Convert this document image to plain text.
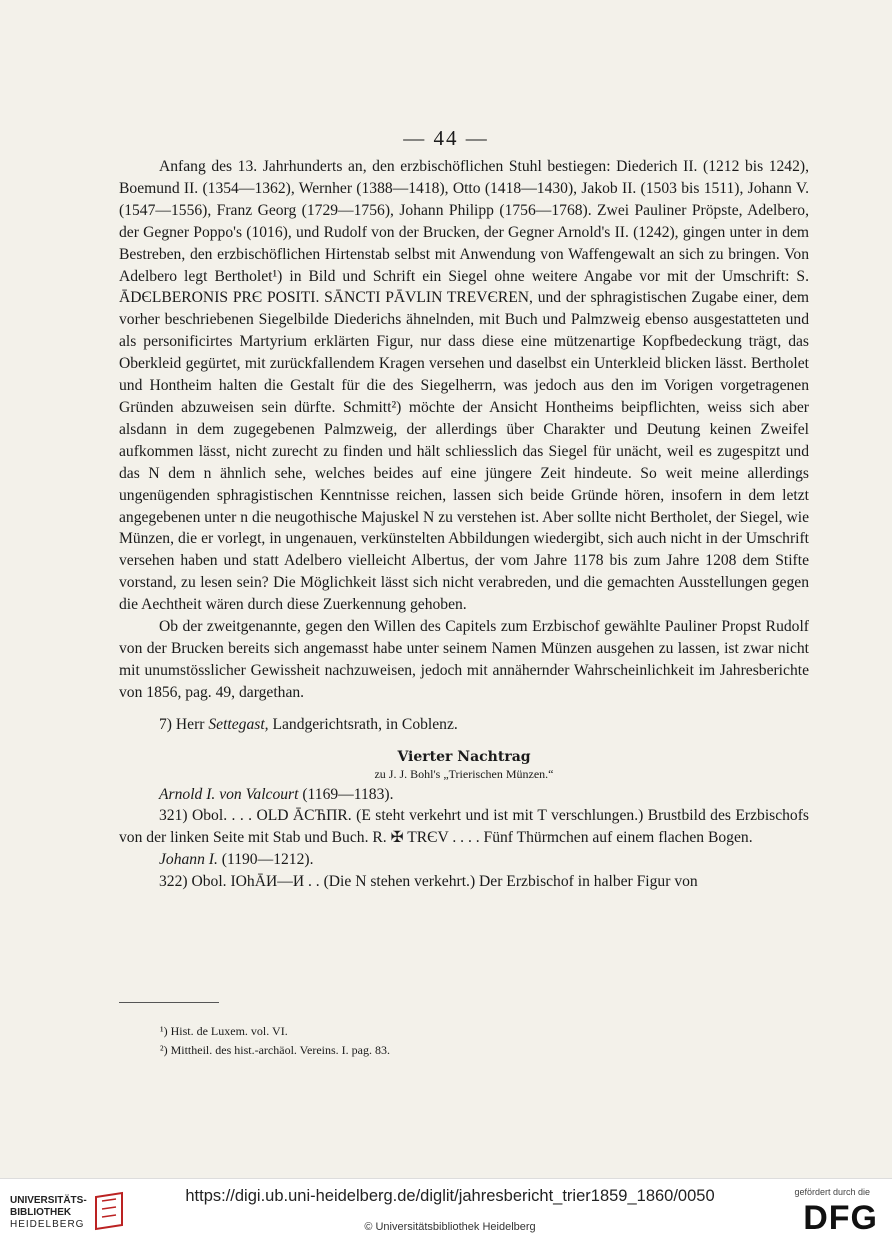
— 44 —

Anfang des 13. Jahrhunderts an, den erzbischöflichen Stuhl bestiegen: Diederich II. (1212 bis 1242), Boemund II. (1354—1362), Wernher (1388—1418), Otto (1418—1430), Jakob II. (1503 bis 1511), Johann V. (1547—1556), Franz Georg (1729—1756), Johann Philipp (1756—1768). Zwei Pauliner Pröpste, Adelbero, der Gegner Poppo's (1016), und Rudolf von der Brucken, der Gegner Arnold's II. (1242), gingen unter in dem Bestreben, den erzbischöflichen Hirtenstab selbst mit Anwendung von Waffengewalt an sich zu bringen. Von Adelbero legt Bertholet¹) in Bild und Schrift ein Siegel ohne weitere Angabe vor mit der Umschrift: S. ĀDЄLBERONIS PRЄ POSITI. SĀNCTI PĀVLIN TREVЄREN, und der sphragistischen Zugabe einer, dem vorher beschriebenen Siegelbilde Diederichs ähnelnden, mit Buch und Palmzweig ebenso ausgestatteten und als personificirtes Martyrium erklärten Figur, nur dass diese eine mützenartige Kopfbedeckung trägt, das Oberkleid gegürtet, mit zurückfallendem Kragen versehen und daselbst ein Unterkleid blicken lässt. Bertholet und Hontheim halten die Gestalt für die des Siegelherrn, was jedoch aus den im Vorigen vorgetragenen Gründen abzuweisen sein dürfte. Schmitt²) möchte der Ansicht Hontheims beipflichten, weiss sich aber alsdann in dem zugegebenen Palmzweig, der allerdings über Charakter und Deutung keinen Zweifel aufkommen lässt, nicht zurecht zu finden und hält schliesslich das Siegel für unächt, weil es zugespitzt und das N dem n ähnlich sehe, welches beides auf eine jüngere Zeit hindeute. So weit meine allerdings ungenügenden sphragistischen Kenntnisse reichen, lassen sich beide Gründe hören, insofern in dem letzt angegebenen unter n die neugothische Majuskel N zu verstehen ist. Aber sollte nicht Bertholet, der Siegel, wie Münzen, die er vorlegt, in ungenauen, verkünstelten Abbildungen wiedergibt, sich auch nicht in der Umschrift versehen haben und statt Adelbero vielleicht Albertus, der vom Jahre 1178 bis zum Jahre 1208 dem Stifte vorstand, zu lesen sein? Die Möglichkeit lässt sich nicht verabreden, und die gemachten Ausstellungen gegen die Aechtheit wären durch diese Zuerkennung gehoben.

Ob der zweitgenannte, gegen den Willen des Capitels zum Erzbischof gewählte Pauliner Propst Rudolf von der Brucken bereits sich angemasst habe unter seinem Namen Münzen ausgehen zu lassen, ist zwar nicht mit unumstösslicher Gewissheit nachzuweisen, jedoch mit annähernder Wahrscheinlichkeit im Jahresberichte von 1856, pag. 49, dargethan.

7) Herr Settegast, Landgerichtsrath, in Coblenz.

Vierter Nachtrag

zu J. J. Bohl's „Trierischen Münzen.“

Arnold I. von Valcourt (1169—1183).

321) Obol. . . . OLD ĀCЋΠR. (E steht verkehrt und ist mit T verschlungen.) Brustbild des Erzbischofs von der linken Seite mit Stab und Buch. R. ✠ TRЄV . . . . Fünf Thürmchen auf einem flachen Bogen.

Johann I. (1190—1212).

322) Obol. IOhĀИ—И . . (Die N stehen verkehrt.) Der Erzbischof in halber Figur von

¹) Hist. de Luxem. vol. VI.

²) Mittheil. des hist.-archäol. Vereins. I. pag. 83.

UNIVERSITÄTS-
BIBLIOTHEK
HEIDELBERG
https://digi.ub.uni-heidelberg.de/diglit/jahresbericht_trier1859_1860/0050
© Universitätsbibliothek Heidelberg
gefördert durch die
DFG
